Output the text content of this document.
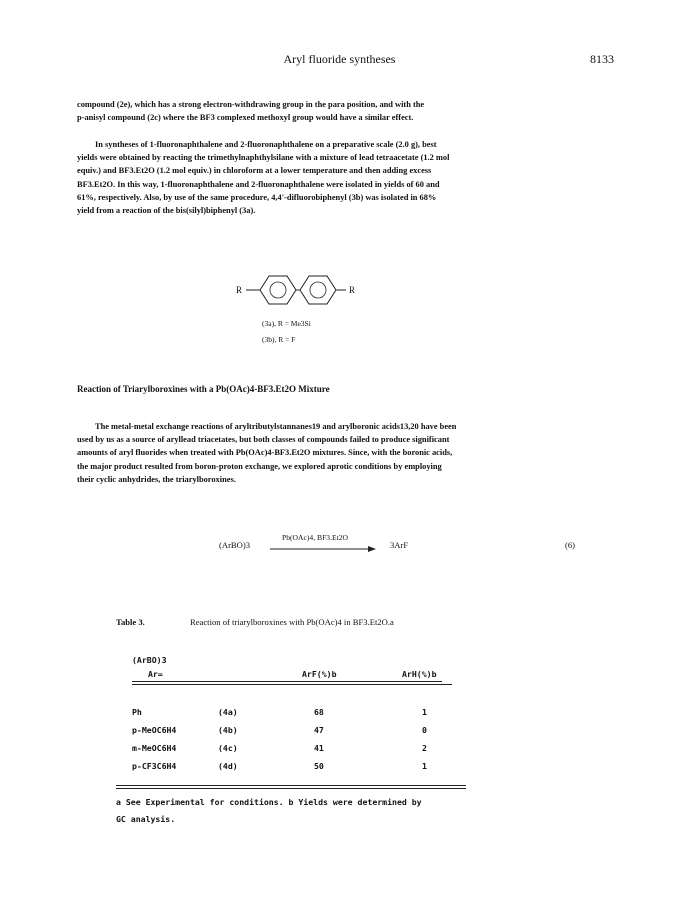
Aryl fluoride syntheses	8133

compound (2e), which has a strong electron-withdrawing group in the para position, and with the

p-anisyl compound (2c) where the BF3 complexed methoxyl group would have a similar effect.

In syntheses of 1-fluoronaphthalene and 2-fluoronaphthalene on a preparative scale (2.0 g), best

yields were obtained by reacting the trimethylnaphthylsilane with a mixture of lead tetraacetate (1.2 mol

equiv.) and BF3.Et2O (1.2 mol equiv.) in chloroform at a lower temperature and then adding excess

BF3.Et2O. In this way, 1-fluoronaphthalene and 2-fluoronaphthalene were isolated in yields of 60 and

61%, respectively. Also, by use of the same procedure, 4,4'-difluorobiphenyl (3b) was isolated in 68%

yield from a reaction of the bis(silyl)biphenyl (3a).

R	R
(3a), R = Me3Si
(3b), R = F
Reaction of Triarylboroxines with a Pb(OAc)4-BF3.Et2O Mixture

The metal-metal exchange reactions of aryltributylstannanes19 and arylboronic acids13,20 have been

used by us as a source of aryllead triacetates, but both classes of compounds failed to produce significant

amounts of aryl fluorides when treated with Pb(OAc)4-BF3.Et2O mixtures. Since, with the boronic acids,

the major product resulted from boron-proton exchange, we explored aprotic conditions by employing

their cyclic anhydrides, the triarylboroxines.

(ArBO)3
Pb(OAc)4, BF3.Et2O
3ArF	(6)
Table 3.	Reaction of triarylboroxines with Pb(OAc)4 in BF3.Et2O.a
(ArBO)3
Ar=	ArF(%)b	ArH(%)b
Ph	(4a)	68	1
p-MeOC6H4	(4b)	47	0
m-MeOC6H4	(4c)	41	2
p-CF3C6H4	(4d)	50	1
a See Experimental for conditions. b Yields were determined by
GC analysis.
